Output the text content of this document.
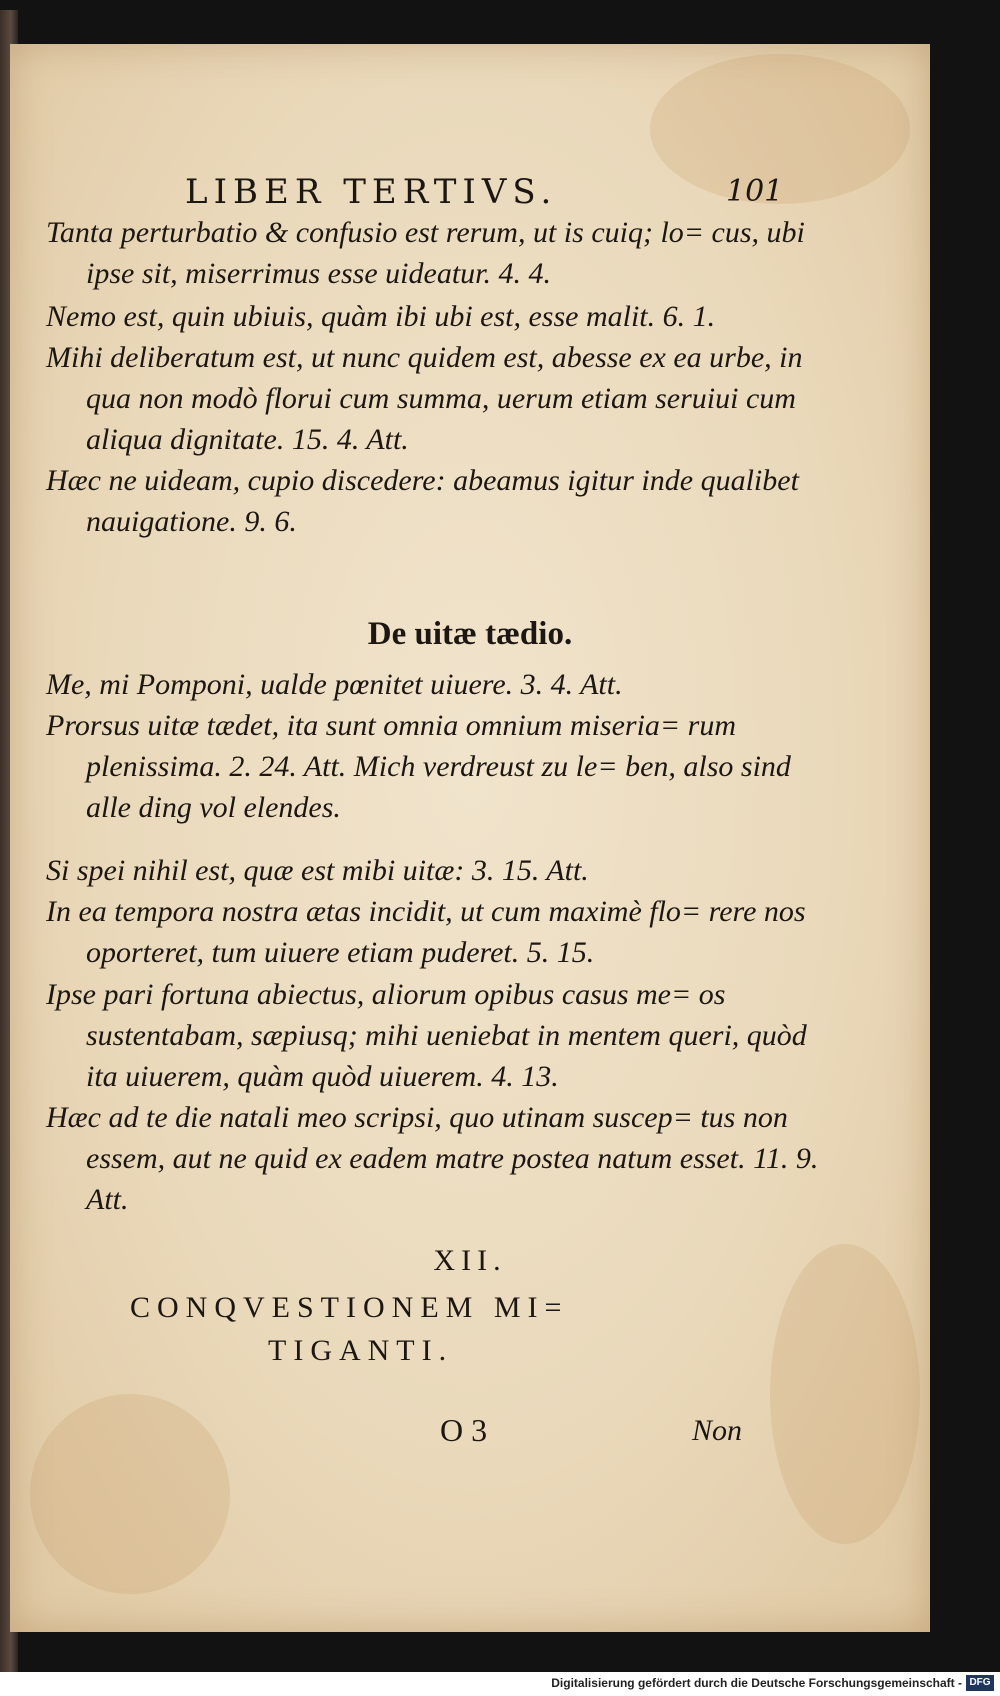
LIBER TERTIVS.	101

Tanta perturbatio & confusio est rerum, ut is cuiq; lo= cus, ubi ipse sit, miserrimus esse uideatur. 4. 4.

Nemo est, quin ubiuis, quàm ibi ubi est, esse malit. 6. 1.

Mihi deliberatum est, ut nunc quidem est, abesse ex ea urbe, in qua non modò florui cum summa, uerum etiam seruiui cum aliqua dignitate. 15. 4. Att.

Hæc ne uideam, cupio discedere: abeamus igitur inde qualibet nauigatione. 9. 6.

De uitæ tædio.

Me, mi Pomponi, ualde pœnitet uiuere. 3. 4. Att.

Prorsus uitæ tædet, ita sunt omnia omnium miseria= rum plenissima. 2. 24. Att. Mich verdreust zu le= ben, also sind alle ding vol elendes.

Si spei nihil est, quæ est mibi uitæ: 3. 15. Att.

In ea tempora nostra ætas incidit, ut cum maximè flo= rere nos oporteret, tum uiuere etiam puderet. 5. 15.

Ipse pari fortuna abiectus, aliorum opibus casus me= os sustentabam, sæpiusq; mihi ueniebat in mentem queri, quòd ita uiuerem, quàm quòd uiuerem. 4. 13.

Hæc ad te die natali meo scripsi, quo utinam suscep= tus non essem, aut ne quid ex eadem matre postea natum esset. 11. 9. Att.

XII.
CONQVESTIONEM MI=
TIGANTI.
O 3	Non
Digitalisierung gefördert durch die Deutsche Forschungsgemeinschaft - DFG
